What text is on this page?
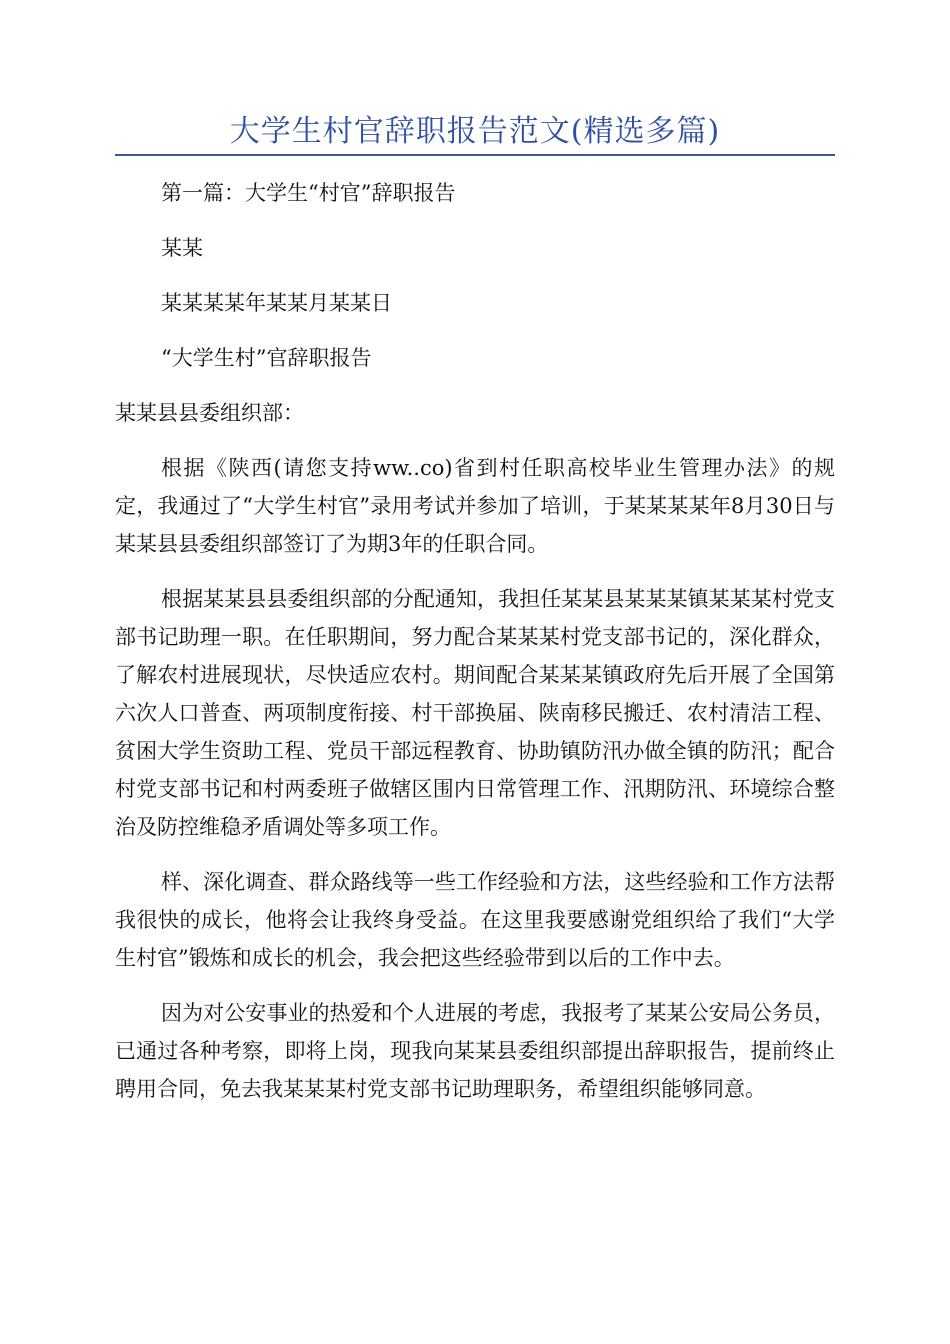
大学生村官辞职报告范文(精选多篇)

第一篇：大学生“村官”辞职报告

某某

某某某某年某某月某某日

“大学生村”官辞职报告

某某县县委组织部：

根据《陕西(请您支持ww..co)省到村任职高校毕业生管理办法》的规定，我通过了“大学生村官”录用考试并参加了培训，于某某某某年8月30日与某某县县委组织部签订了为期3年的任职合同。

根据某某县县委组织部的分配通知，我担任某某县某某某镇某某某村党支部书记助理一职。在任职期间，努力配合某某某村党支部书记的，深化群众，了解农村进展现状，尽快适应农村。期间配合某某某镇政府先后开展了全国第六次人口普查、两项制度衔接、村干部换届、陕南移民搬迁、农村清洁工程、贫困大学生资助工程、党员干部远程教育、协助镇防汛办做全镇的防汛；配合村党支部书记和村两委班子做辖区围内日常管理工作、汛期防汛、环境综合整治及防控维稳矛盾调处等多项工作。

样、深化调查、群众路线等一些工作经验和方法，这些经验和工作方法帮我很快的成长，他将会让我终身受益。在这里我要感谢党组织给了我们“大学生村官”锻炼和成长的机会，我会把这些经验带到以后的工作中去。

因为对公安事业的热爱和个人进展的考虑，我报考了某某公安局公务员，已通过各种考察，即将上岗，现我向某某县委组织部提出辞职报告，提前终止聘用合同，免去我某某某村党支部书记助理职务，希望组织能够同意。
